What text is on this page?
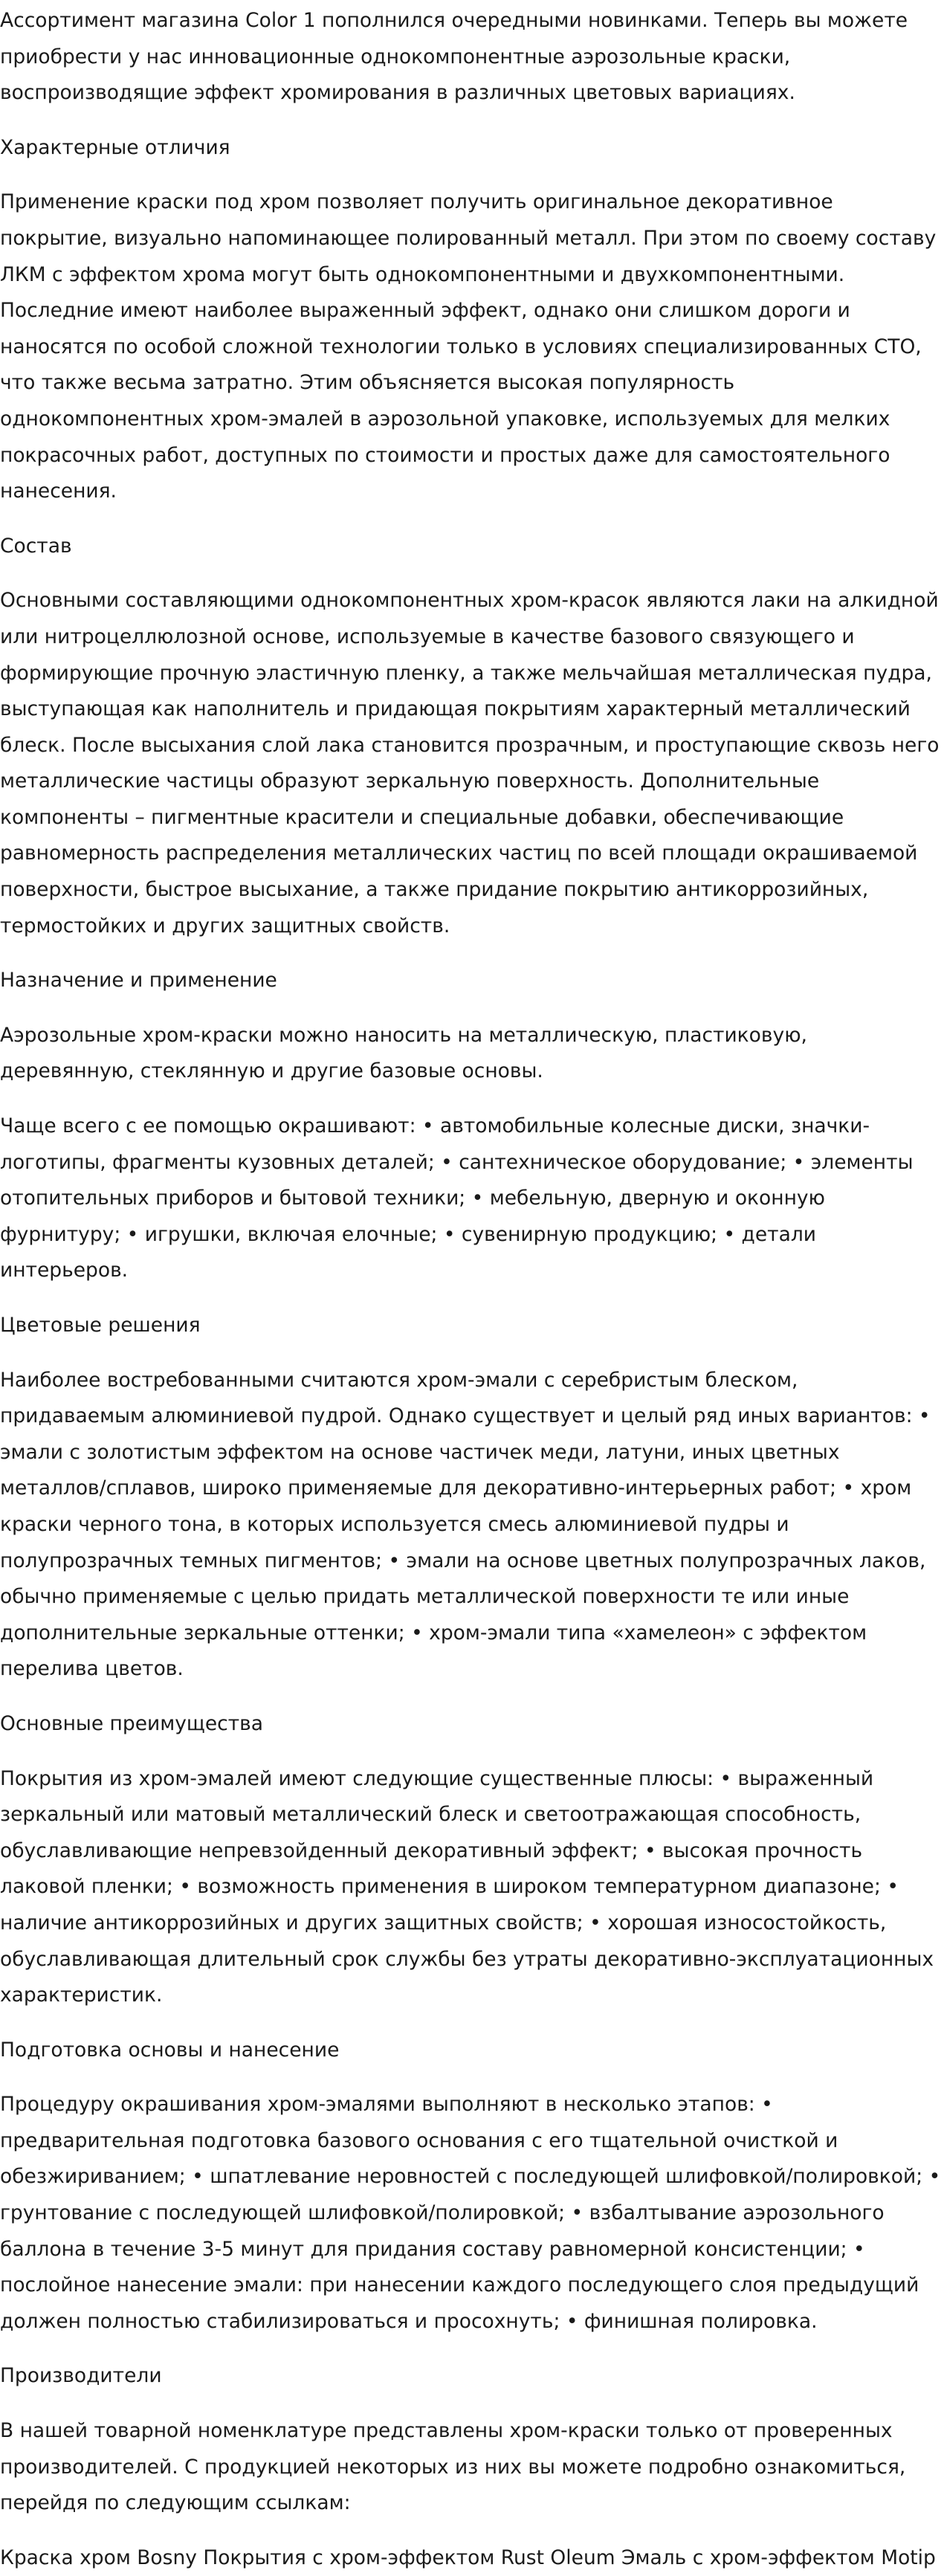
Ассортимент магазина Color 1 пополнился очередными новинками. Теперь вы можете приобрести у нас инновационные однокомпонентные аэрозольные краски, воспроизводящие эффект хромирования в различных цветовых вариациях.

Характерные отличия

Применение краски под хром позволяет получить оригинальное декоративное покрытие, визуально напоминающее полированный металл. При этом по своему составу ЛКМ с эффектом хрома могут быть однокомпонентными и двухкомпонентными. Последние имеют наиболее выраженный эффект, однако они слишком дороги и наносятся по особой сложной технологии только в условиях специализированных СТО, что также весьма затратно. Этим объясняется высокая популярность однокомпонентных хром-эмалей в аэрозольной упаковке, используемых для мелких покрасочных работ, доступных по стоимости и простых даже для самостоятельного нанесения.

Состав

Основными составляющими однокомпонентных хром-красок являются лаки на алкидной или нитроцеллюлозной основе, используемые в качестве базового связующего и формирующие прочную эластичную пленку, а также мельчайшая металлическая пудра, выступающая как наполнитель и придающая покрытиям характерный металлический блеск. После высыхания слой лака становится прозрачным, и проступающие сквозь него металлические частицы образуют зеркальную поверхность. Дополнительные компоненты – пигментные красители и специальные добавки, обеспечивающие равномерность распределения металлических частиц по всей площади окрашиваемой поверхности, быстрое высыхание, а также придание покрытию антикоррозийных, термостойких и других защитных свойств.

Назначение и применение

Аэрозольные хром-краски можно наносить на металлическую, пластиковую, деревянную, стеклянную и другие базовые основы.

Чаще всего с ее помощью окрашивают: • автомобильные колесные диски, значки-логотипы, фрагменты кузовных деталей; • сантехническое оборудование; • элементы отопительных приборов и бытовой техники; • мебельную, дверную и оконную фурнитуру; • игрушки, включая елочные; • сувенирную продукцию; • детали интерьеров.

Цветовые решения

Наиболее востребованными считаются хром-эмали с серебристым блеском, придаваемым алюминиевой пудрой. Однако существует и целый ряд иных вариантов: • эмали с золотистым эффектом на основе частичек меди, латуни, иных цветных металлов/сплавов, широко применяемые для декоративно-интерьерных работ; • хром краски черного тона, в которых используется смесь алюминиевой пудры и полупрозрачных темных пигментов; • эмали на основе цветных полупрозрачных лаков, обычно применяемые с целью придать металлической поверхности те или иные дополнительные зеркальные оттенки; • хром-эмали типа «хамелеон» с эффектом перелива цветов.

Основные преимущества

Покрытия из хром-эмалей имеют следующие существенные плюсы: • выраженный зеркальный или матовый металлический блеск и светоотражающая способность, обуславливающие непревзойденный декоративный эффект; • высокая прочность лаковой пленки; • возможность применения в широком температурном диапазоне; • наличие антикоррозийных и других защитных свойств; • хорошая износостойкость, обуславливающая длительный срок службы без утраты декоративно-эксплуатационных характеристик.

Подготовка основы и нанесение

Процедуру окрашивания хром-эмалями выполняют в несколько этапов: • предварительная подготовка базового основания с его тщательной очисткой и обезжириванием; • шпатлевание неровностей с последующей шлифовкой/полировкой; • грунтование с последующей шлифовкой/полировкой; • взбалтывание аэрозольного баллона в течение 3-5 минут для придания составу равномерной консистенции; • послойное нанесение эмали: при нанесении каждого последующего слоя предыдущий должен полностью стабилизироваться и просохнуть; • финишная полировка.

Производители

В нашей товарной номенклатуре представлены хром-краски только от проверенных производителей. С продукцией некоторых из них вы можете подробно ознакомиться, перейдя по следующим ссылкам:

Краска хром Bosny Покрытия с хром-эффектом Rust Oleum Эмаль с хром-эффектом Motip
